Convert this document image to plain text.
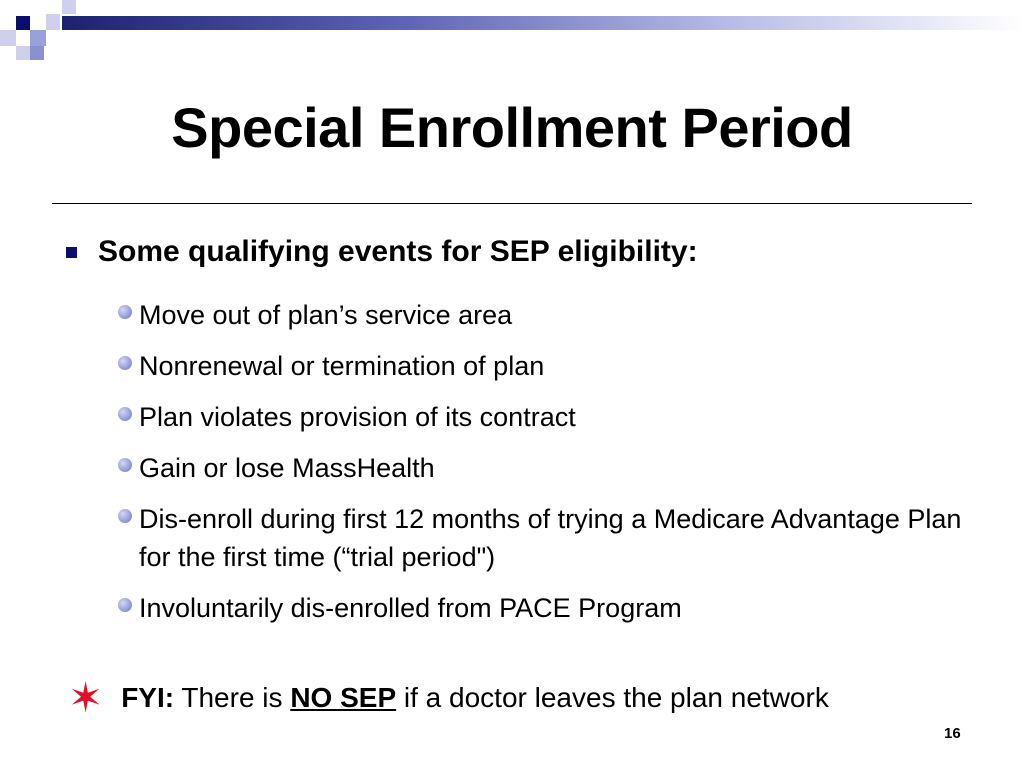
Special Enrollment Period
Some qualifying events for SEP eligibility:
Move out of plan’s service area
Nonrenewal or termination of plan
Plan violates provision of its contract
Gain or lose MassHealth
Dis-enroll during first 12 months of trying a Medicare Advantage Plan for the first time (“trial period")
Involuntarily dis-enrolled from PACE Program
✶ FYI: There is NO SEP if a doctor leaves the plan network
16
